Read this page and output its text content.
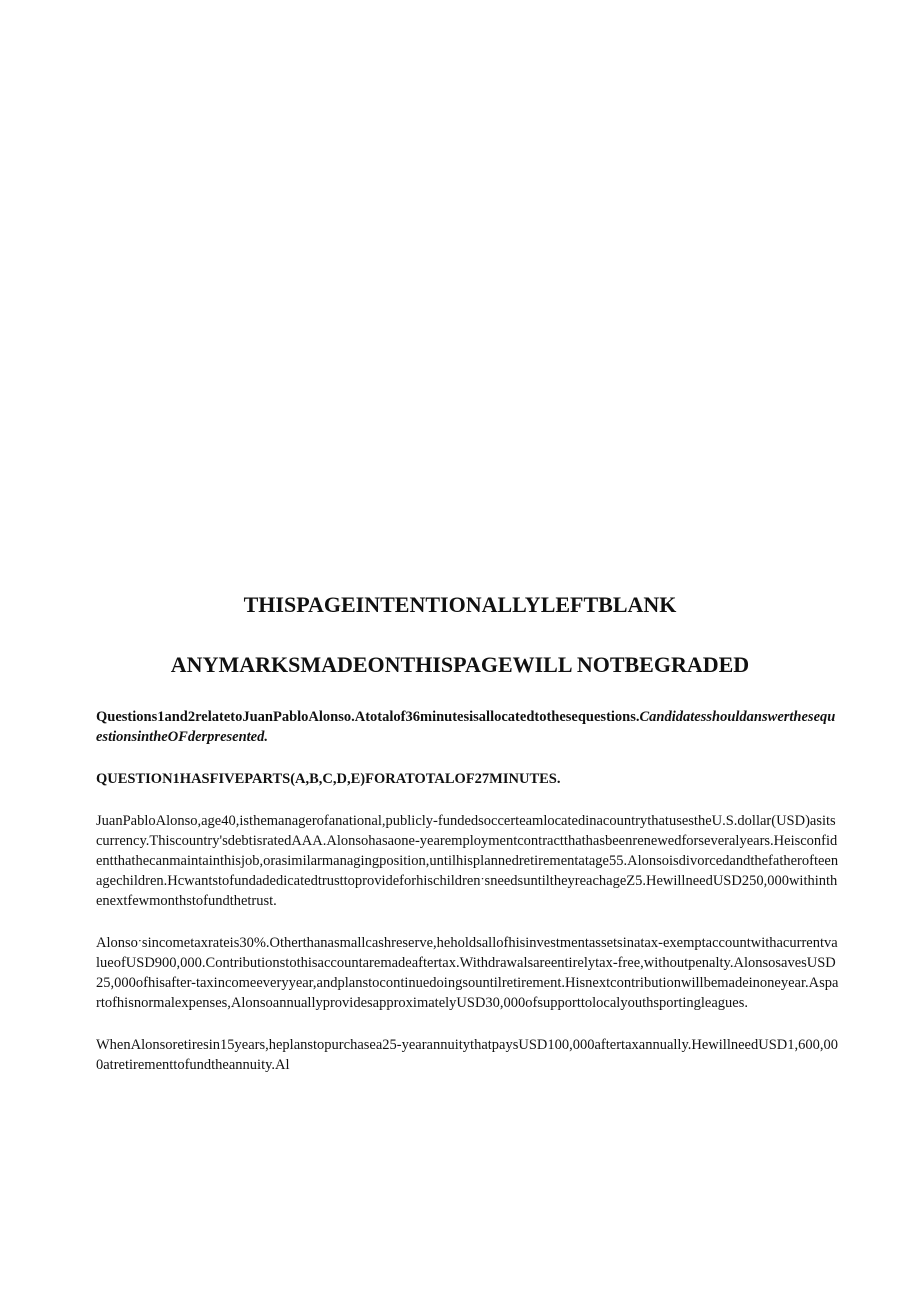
THISPAGEINTENTIONALLYLEFTBLANK
ANYMARKSMADEONTHISPAGEWILL NOTBEGRADED

Questions1and2relatetoJuanPabloAlonso.Atotalof36minutesisallocatedtothesequestions.CandidatesshouldanswerthesequestionsintheOFderpresented.

QUESTION1HASFIVEPARTS(A,B,C,D,E)FORATOTALOF27MINUTES.

JuanPabloAlonso,age40,isthemanagerofanational,publicly-fundedsoccerteamlocatedinacountrythatusestheU.S.dollar(USD)asitscurrency.Thiscountry'sdebtisratedAAA.Alonsohasaone-yearemploymentcontractthathasbeenrenewedforseveralyears.Heisconfidentthathecanmaintainthisjob,orasimilarmanagingposition,untilhisplannedretirementatage55.Alonsoisdivorcedandthefatherofteenagechildren.HcwantstofundadedicatedtrusttoprovideforhischildrenˑsneedsuntiltheyreachageZ5.HewillneedUSD250,000withinthenextfewmonthstofundthetrust.

Alonsoˑsincometaxrateis30%.Otherthanasmallcashreserve,heholdsallofhisinvestmentassetsinatax-exemptaccountwithacurrentvalueofUSD900,000.Contributionstothisaccountaremadeaftertax.Withdrawalsareentirelytax-free,withoutpenalty.AlonsosavesUSD25,000ofhisafter-taxincomeeveryyear,andplanstocontinuedoingsountilretirement.Hisnextcontributionwillbemadeinoneyear.Aspartofhisnormalexpenses,AlonsoannuallyprovidesapproximatelyUSD30,000ofsupporttolocalyouthsportingleagues.

WhenAlonsoretiresin15years,heplanstopurchasea25-yearannuitythatpaysUSD100,000aftertaxannually.HewillneedUSD1,600,000atretirementtofundtheannuity.Al
